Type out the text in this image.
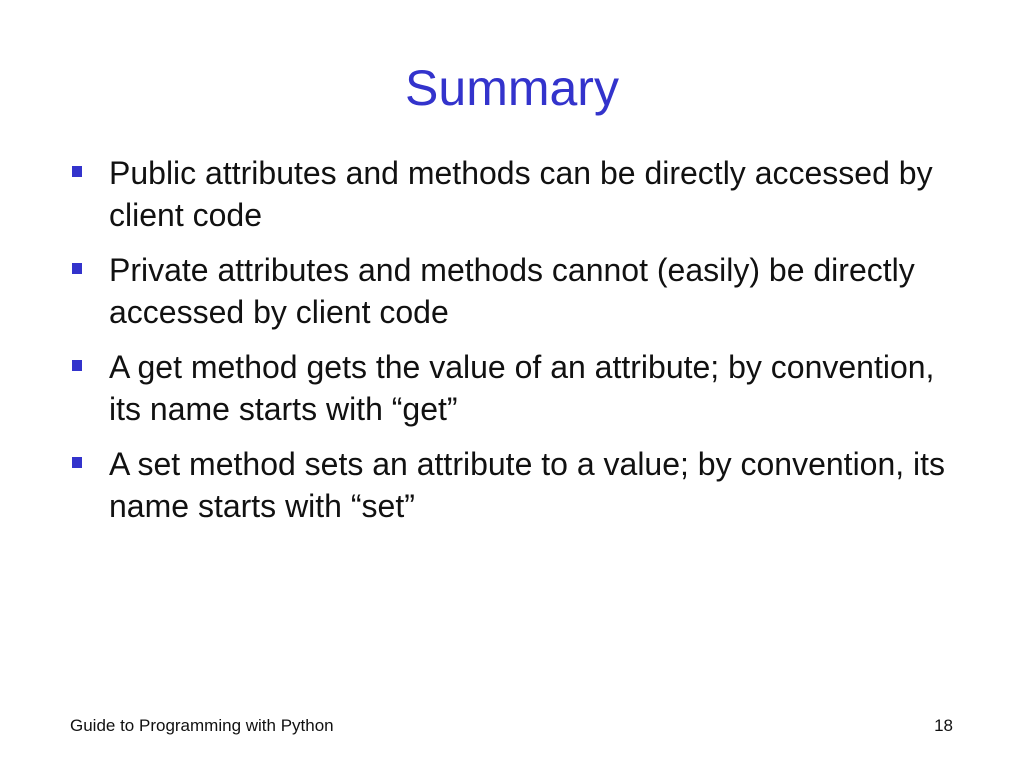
Summary
Public attributes and methods can be directly accessed by client code
Private attributes and methods cannot (easily) be directly accessed by client code
A get method gets the value of an attribute; by convention, its name starts with “get”
A set method sets an attribute to a value; by convention, its name starts with “set”
Guide to Programming with Python	18
